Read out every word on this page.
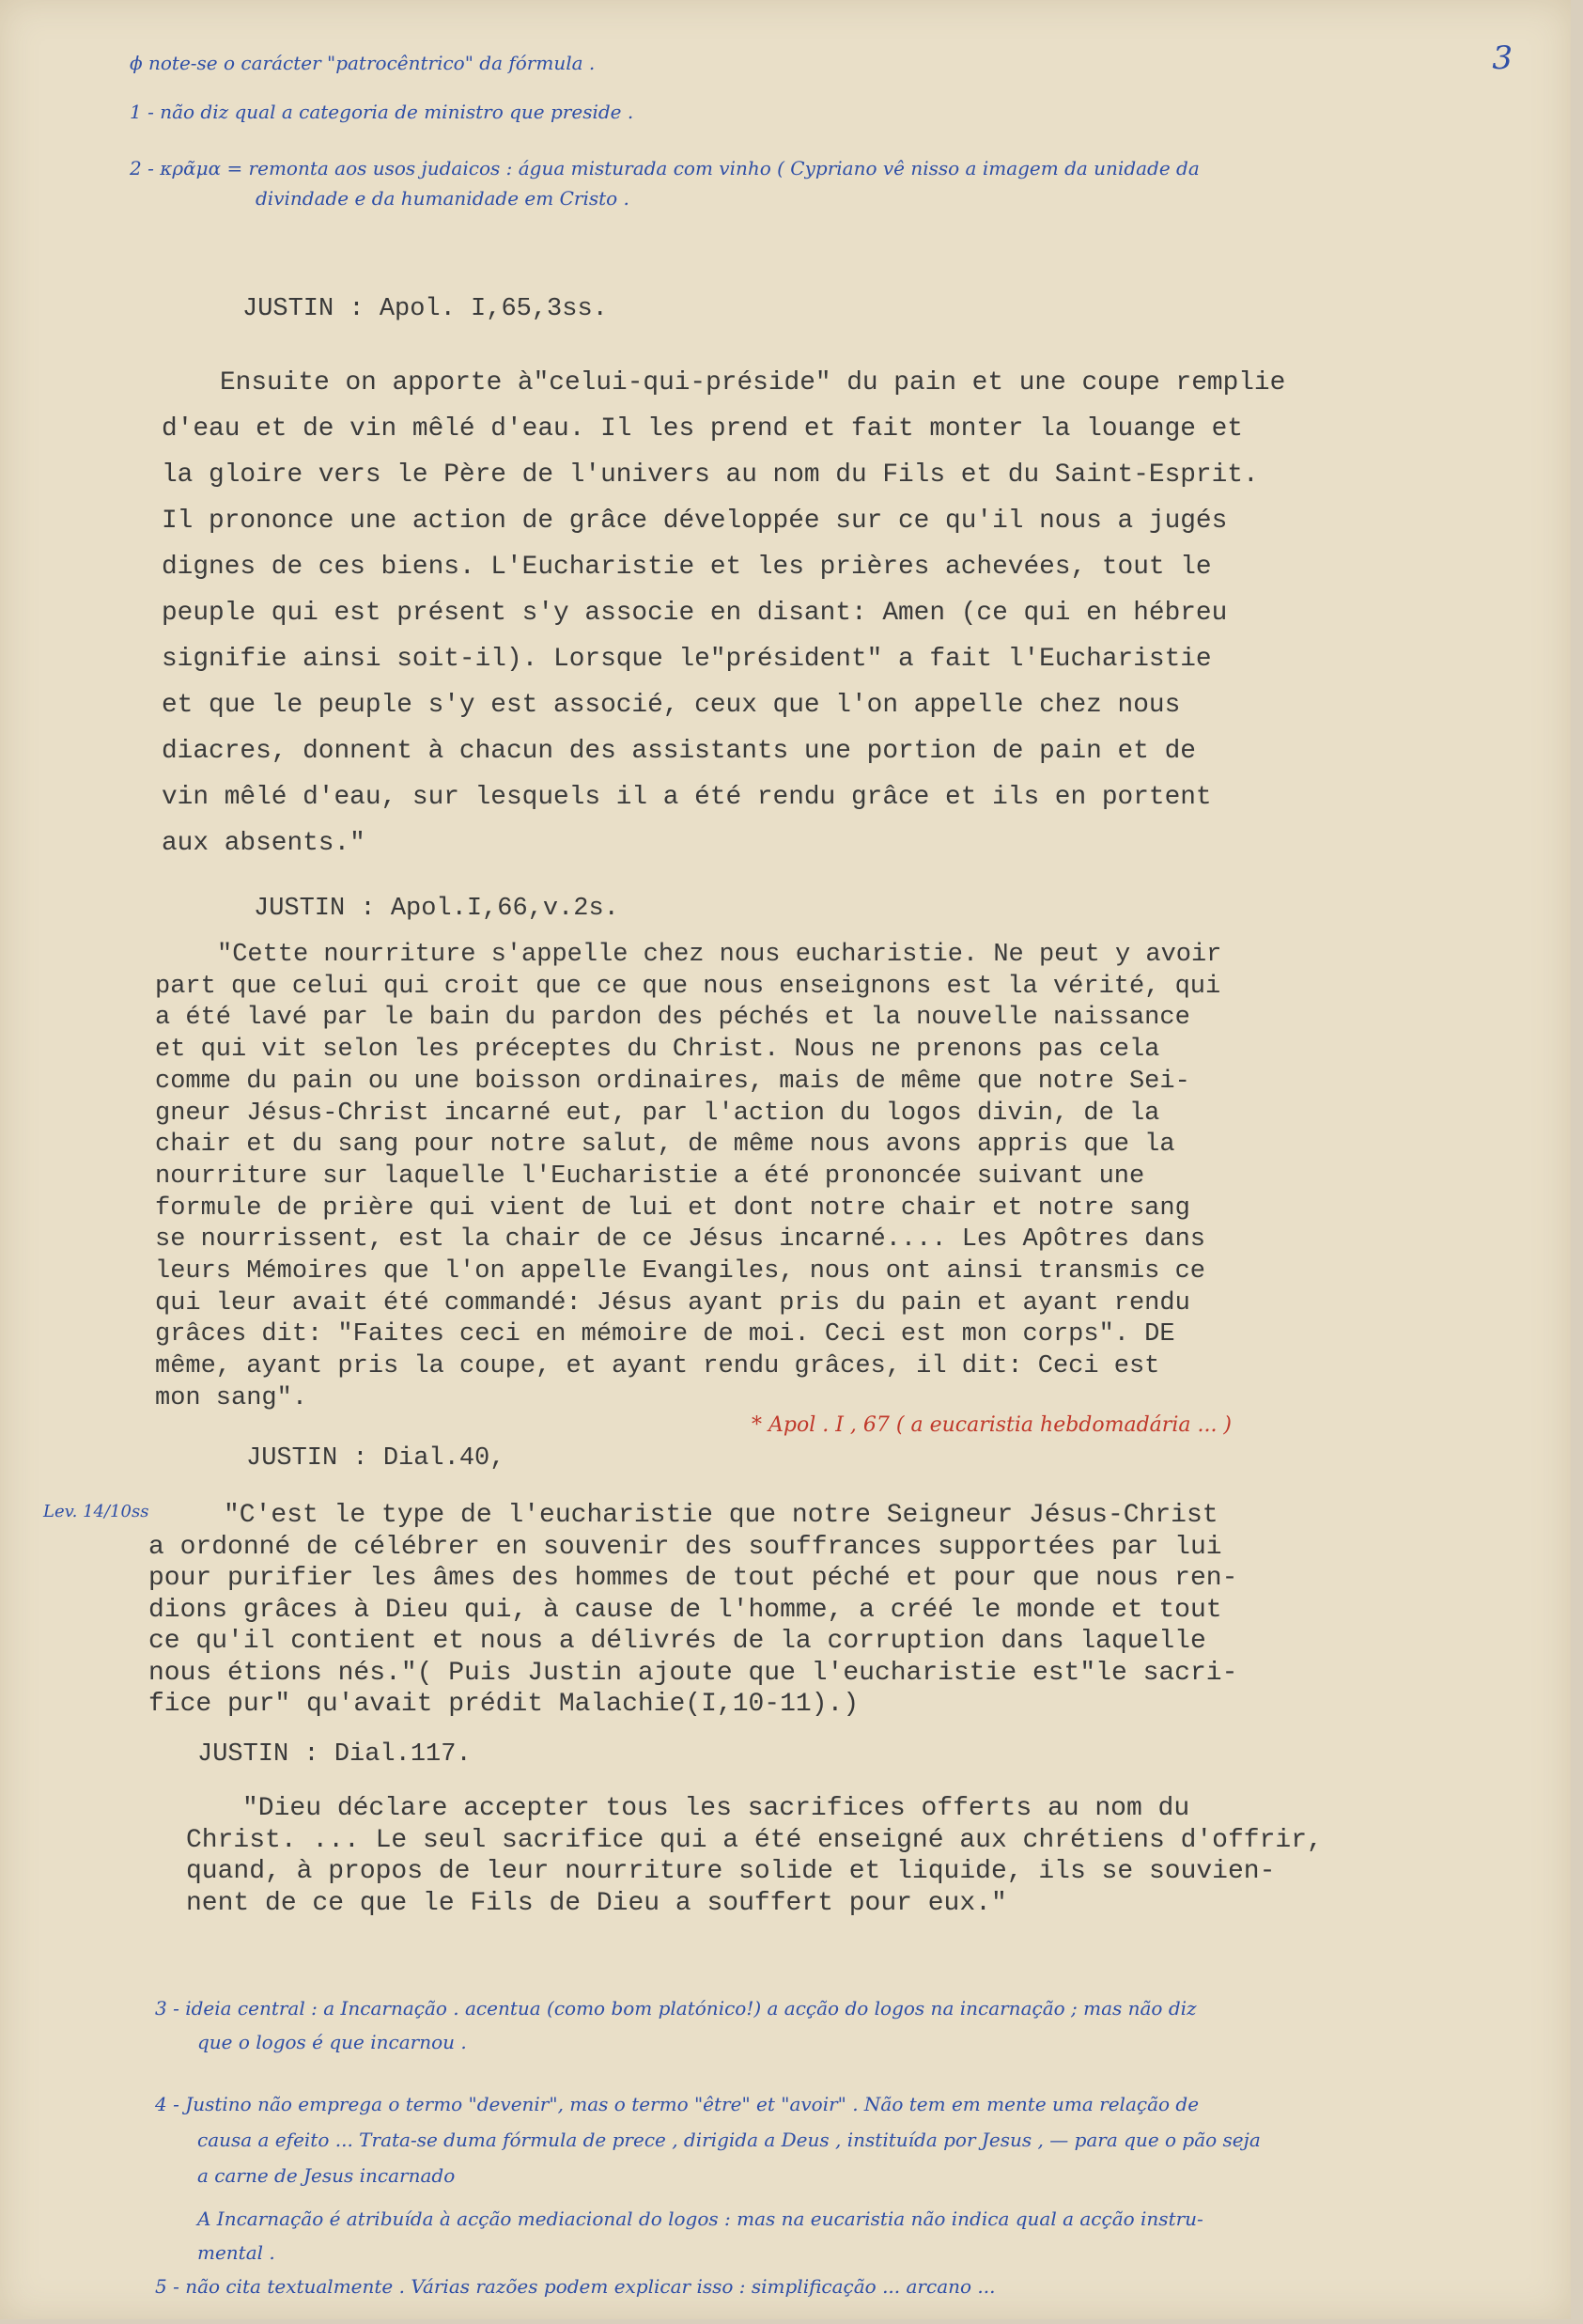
3
ϕ note-se o carácter "patrocêntrico" da fórmula .
1 - não diz qual a categoria de ministro que preside .
2 - κρᾶμα = remonta aos usos judaicos : água misturada com vinho ( Cypriano vê nisso a imagem da unidade da
divindade e da humanidade em Cristo .
JUSTIN : Apol. I,65,3ss.
Ensuite on apporte à"celui-qui-préside" du pain et une coupe remplie
d'eau et de vin mêlé d'eau. Il les prend et fait monter la louange et
la gloire vers le Père de l'univers au nom du Fils et du Saint-Esprit.
Il prononce une action de grâce développée sur ce qu'il nous a jugés
dignes de ces biens. L'Eucharistie et les prières achevées, tout le
peuple qui est présent s'y associe en disant: Amen (ce qui en hébreu
signifie ainsi soit-il). Lorsque le"président" a fait l'Eucharistie
et que le peuple s'y est associé, ceux que l'on appelle chez nous
diacres, donnent à chacun des assistants une portion de pain et de
vin mêlé d'eau, sur lesquels il a été rendu grâce et ils en portent
aux absents."
JUSTIN : Apol.I,66,v.2s.
"Cette nourriture s'appelle chez nous eucharistie. Ne peut y avoir
part que celui qui croit que ce que nous enseignons est la vérité, qui
a été lavé par le bain du pardon des péchés et la nouvelle naissance
et qui vit selon les préceptes du Christ. Nous ne prenons pas cela
comme du pain ou une boisson ordinaires, mais de même que notre Sei-
gneur Jésus-Christ incarné eut, par l'action du logos divin, de la
chair et du sang pour notre salut, de même nous avons appris que la
nourriture sur laquelle l'Eucharistie a été prononcée suivant une
formule de prière qui vient de lui et dont notre chair et notre sang
se nourrissent, est la chair de ce Jésus incarné.... Les Apôtres dans
leurs Mémoires que l'on appelle Evangiles, nous ont ainsi transmis ce
qui leur avait été commandé: Jésus ayant pris du pain et ayant rendu
grâces dit: "Faites ceci en mémoire de moi. Ceci est mon corps". DE
même, ayant pris la coupe, et ayant rendu grâces, il dit: Ceci est
mon sang".
* Apol . I , 67 ( a eucaristia hebdomadária ... )
JUSTIN : Dial.40,
Lev. 14/10ss	"C'est le type de l'eucharistie que notre Seigneur Jésus-Christ
a ordonné de célébrer en souvenir des souffrances supportées par lui
pour purifier les âmes des hommes de tout péché et pour que nous ren-
dions grâces à Dieu qui, à cause de l'homme, a créé le monde et tout
ce qu'il contient et nous a délivrés de la corruption dans laquelle
nous étions nés."( Puis Justin ajoute que l'eucharistie est"le sacri-
fice pur" qu'avait prédit Malachie(I,10-11).)
JUSTIN : Dial.117.
"Dieu déclare accepter tous les sacrifices offerts au nom du
Christ. ... Le seul sacrifice qui a été enseigné aux chrétiens d'offrir,
quand, à propos de leur nourriture solide et liquide, ils se souvien-
nent de ce que le Fils de Dieu a souffert pour eux."
3 - ideia central : a Incarnação . acentua (como bom platónico!) a acção do logos na incarnação ; mas não diz
que o logos é que incarnou .
4 - Justino não emprega o termo "devenir", mas o termo "être" et "avoir" . Não tem em mente uma relação de
causa a efeito ... Trata-se duma fórmula de prece , dirigida a Deus , instituída por Jesus , — para que o pão seja
a carne de Jesus incarnado
A Incarnação é atribuída à acção mediacional do logos : mas na eucaristia não indica qual a acção instru-
mental .
5 - não cita textualmente . Várias razões podem explicar isso : simplificação ... arcano ...
